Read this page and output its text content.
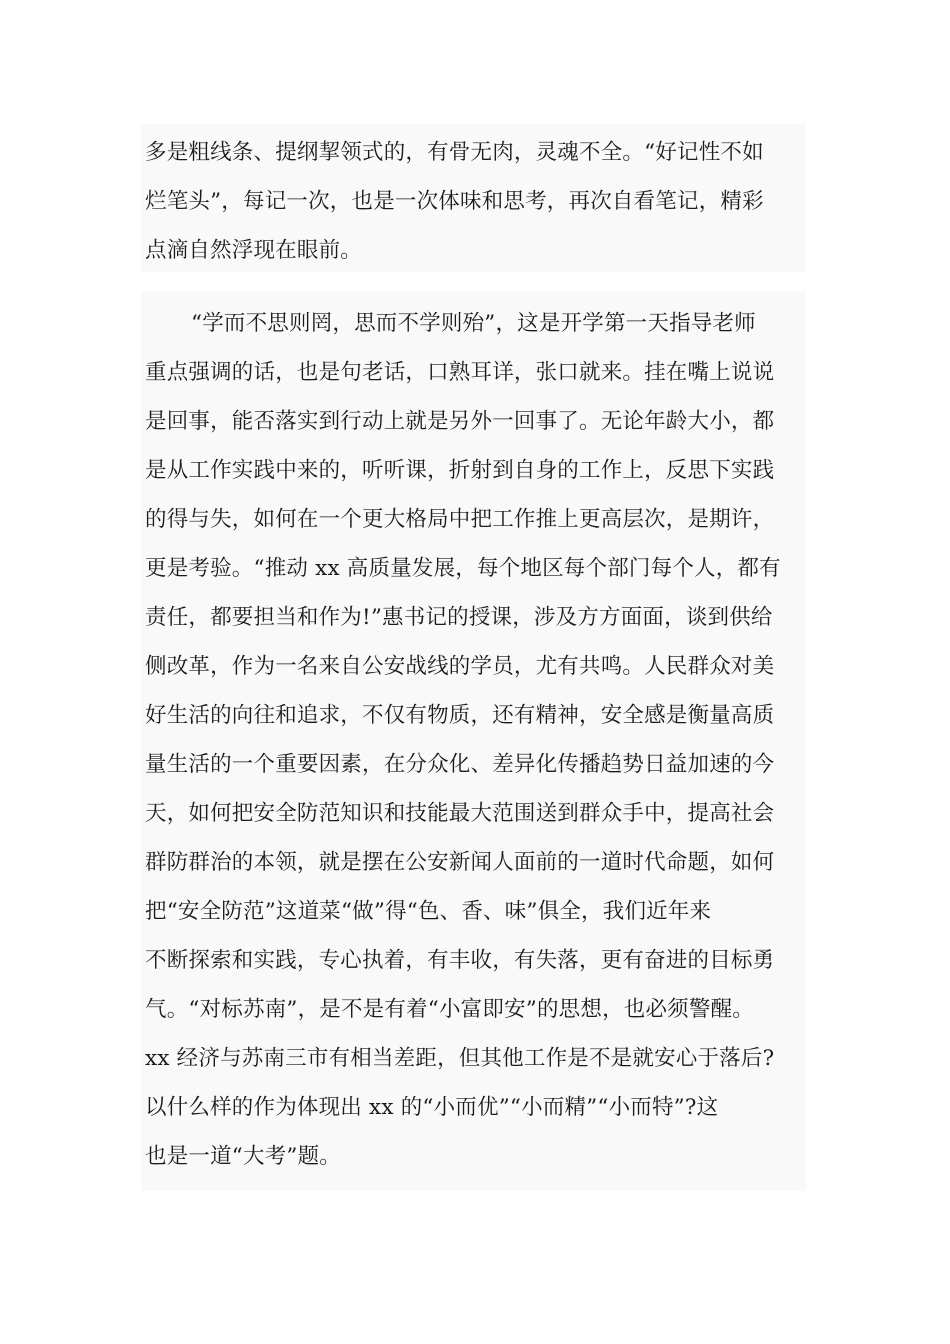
多是粗线条、提纲挈领式的，有骨无肉，灵魂不全。“好记性不如
烂笔头”，每记一次，也是一次体味和思考，再次自看笔记，精彩
点滴自然浮现在眼前。
“学而不思则罔，思而不学则殆”，这是开学第一天指导老师
重点强调的话，也是句老话，口熟耳详，张口就来。挂在嘴上说说
是回事，能否落实到行动上就是另外一回事了。无论年龄大小，都
是从工作实践中来的，听听课，折射到自身的工作上，反思下实践
的得与失，如何在一个更大格局中把工作推上更高层次，是期许，
更是考验。“推动 xx 高质量发展，每个地区每个部门每个人，都有
责任，都要担当和作为!”惠书记的授课，涉及方方面面，谈到供给
侧改革，作为一名来自公安战线的学员，尤有共鸣。人民群众对美
好生活的向往和追求，不仅有物质，还有精神，安全感是衡量高质
量生活的一个重要因素，在分众化、差异化传播趋势日益加速的今
天，如何把安全防范知识和技能最大范围送到群众手中，提高社会
群防群治的本领，就是摆在公安新闻人面前的一道时代命题，如何
把“安全防范”这道菜“做”得“色、香、味”俱全，我们近年来
不断探索和实践，专心执着，有丰收，有失落，更有奋进的目标勇
气。“对标苏南”，是不是有着“小富即安”的思想，也必须警醒。
xx 经济与苏南三市有相当差距，但其他工作是不是就安心于落后?
以什么样的作为体现出 xx 的“小而优”“小而精”“小而特”?这
也是一道“大考”题。
